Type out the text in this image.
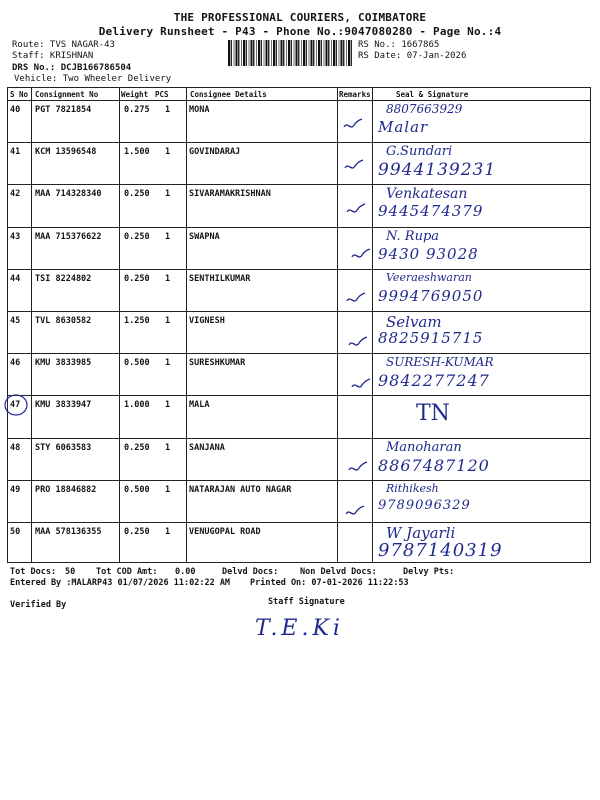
THE PROFESSIONAL COURIERS, COIMBATORE
Delivery Runsheet - P43 - Phone No.:9047080280 - Page No.:4
Route: TVS NAGAR-43
Staff: KRISHNAN
DRS No.: DCJB166786504
Vehicle: Two Wheeler Delivery
RS No.: 1667865
RS Date: 07-Jan-2026
S No Consignment No	Weight PCS	Consignee Details	Remarks	Seal & Signature
40 PGT 7821854	0.275 1 MONA	8807663929
Malar
41 KCM 13596548	1.500 1 GOVINDARAJ	G.Sundari
9944139231
42 MAA 714328340	0.250 1 SIVARAMAKRISHNAN	Venkatesan
9445474379
43 MAA 715376622	0.250 1 SWAPNA	N. Rupa
9430 93028
44 TSI 8224802	0.250 1 SENTHILKUMAR	Veeraeshwaran
9994769050
45 TVL 8630582	1.250 1 VIGNESH	Selvam
8825915715
46 KMU 3833985	0.500 1 SURESHKUMAR	SURESH-KUMAR
9842277247
47 KMU 3833947	1.000 1 MALA	TN
48 STY 6063583	0.250 1 SANJANA	Manoharan
8867487120
49 PRO 18846882	0.500 1 NATARAJAN AUTO NAGAR	Rithikesh
9789096329
50 MAA 578136355	0.250 1 VENUGOPAL ROAD	W Jayarli
9787140319
Tot Docs: 50 Tot COD Amt: 0.00	Delvd Docs:	Non Delvd Docs:	Delvy Pts:
Entered By :MALARP43 01/07/2026 11:02:22 AM Printed On: 07-01-2026 11:22:53
Verified By	Staff Signature
T.E.Ki
